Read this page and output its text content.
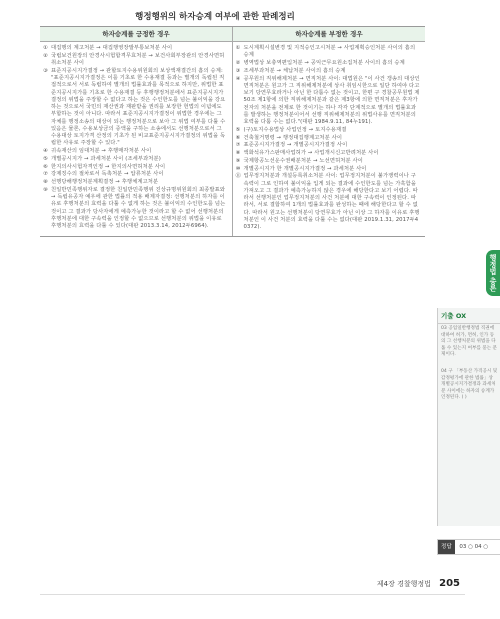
행정행위의 하자승계 여부에 관한 판례정리
하자승계를 긍정한 경우	하자승계를 부정한 경우
① 대집행의 계고처분 → 대집행영장발부통보처분 사이
② 국립보건원장의 안경사시험합격무효처분 → 보건사회부장관의 안경사면허취소처분 사이
③ 표준지공시지가결정 → 관할토지수용위원회의 보상액재결간의 흠의 승계: "표준지공시지가결정은 이를 기초로 한 수용재결 등과는 별개의 독립된 직접적으로서 서로 독립하여 별개의 법률효과를 목적으로 하지만, 위법한 표준지공시지가를 기초로 한 수용재결 등 후행행정처분에서 표준지공시지가결정의 위법을 주장할 수 없다고 하는 것은 수인한도를 넘는 불이익을 강요하는 것으로서 국민의 재산권과 재판받을 권리를 보장한 헌법의 이념에도 부합하는 것이 아니다. 따라서 표준지공시지가결정이 위법한 경우에는 그 자체를 행정소송의 대상이 되는 행정처분으로 보아 그 위법 여부를 다툴 수 있음은 물론, 수용보상금의 증액을 구하는 소송에서도 선행처분으로서 그 수용대상 토지가격 산정의 기초가 된 비교표준지공시지가결정의 위법을 독립한 사유로 주장할 수 있다."
④ 귀속재산의 임대처분 → 후행매각처분 사이
⑤ 개별공시지가 → 과세처분 사이 (조세부과처분)
⑥ 한지의사시험자격인정 → 한지의사면허처분 사이
⑦ 강제징수의 절차로서 독촉처분 → 압류처분 사이
⑧ 선행당해행정처분계획결정 → 후행체계고처분
⑨ 친일반민족행위자로 결정한 친일반민족행위 진상규명위원회의 최종발표와 → 독립유공자 예우에 관한 법률의 적용 배제자결정: 선행처분의 하자를 이유로 후행처분의 효력을 다툴 수 없게 하는 것은 불이익의 수인한도를 넘는 것이고 그 결과가 당사자에게 예측가능한 것이라고 할 수 없어 선행처분의 후행처분에 대한 구속력을 인정할 수 없으므로 선행처분의 위법을 이유로 후행처분의 효력을 다툴 수 있다(대판 2013.3.14, 2012두6964).
① 도시계획시설변경 및 지적승인고시처분 → 사업계획승인처분 사이의 흠의 승계
② 병역법상 보충역편입처분 → 공익근무요원소집처분 사이의 흠의 승계
③ 조세부과처분 → 체납처분 사이의 흠의 승계
④ 공무원의 직위해제처분 → 면직처분 사이: 대법원은 "이 사건 갱송의 대상인 면직처분은 원고가 그 직위해제처분에 상사 취임시한으로 일단 하여야 다고 보기 당연무효라거나 아닌 한 다툼수 없는 것이고, 한편 구 경찰공무원법 제50조 제1항에 의한 직위해제처분과 같은 제3항에 의한 면직처분은 후자가 전자의 처분을 전제로 한 것이기는 하나 각각 단계적으로 별개의 법률효과를 발생하는 행정처분이어서 선행 직위해제처분의 위법사유를 면직처분의 효력을 다툼 수는 없다."(대판 1984.9.11, 84누191).
⑤ (구)토지수용법상 사업인정 → 토지수용재결
⑥ 건축철거명령 → 행정대집행계고처분 사이
⑦ 표준공시지가결정 → 개별공시지가결정 사이
⑧ 액화석유가스판매사업허가 → 사업개시신고반려처분 사이
⑨ 국제항공노선운수권배분처분 → 노선면허처분 사이
⑩ 개별공시지가 한 개별공시지가결정 → 과세처분 사이
⑪ 업무정지처분과 개설등록취소처분 사이: 업무정지처분이 불가쟁력이나 구속력이 그로 인하여 불이익을 입게 되는 결과에 수인한도를 넘는 가혹함을 가져오고 그 결과가 예측가능하지 않은 경우에 해당한다고 보기 어렵다. 따라서 선행처분인 업무정지처분의 사건 처분에 대한 구속력이 인정된다. 따라서, 서로 결합하여 1개의 법률효과를 완성하는 때에 해당한다고 할 수 없다. 따라서 원고는 선행처분이 당연무효가 아닌 이상 그 하자를 이유로 후행처분인 이 사건 처분의 효력을 다툴 수는 없다(대판 2019.1.31, 2017두40372).
행정법 총론
기출 OX
03 공업일반행정법 직권에 대하여 허가, 면허, 인가 등의 그 선행처분의 위법을 다툴 수 있는지 여부를 묻는 문제이다.
04 구 「부동산 가격공시 및 감정평가에 관한 법률」상 개별공시지가결정과 과세처분 사이에는 하자의 승계가 인정된다. ( )
정답 03 ○ 04 ○
제4장 경찰행정법 205
